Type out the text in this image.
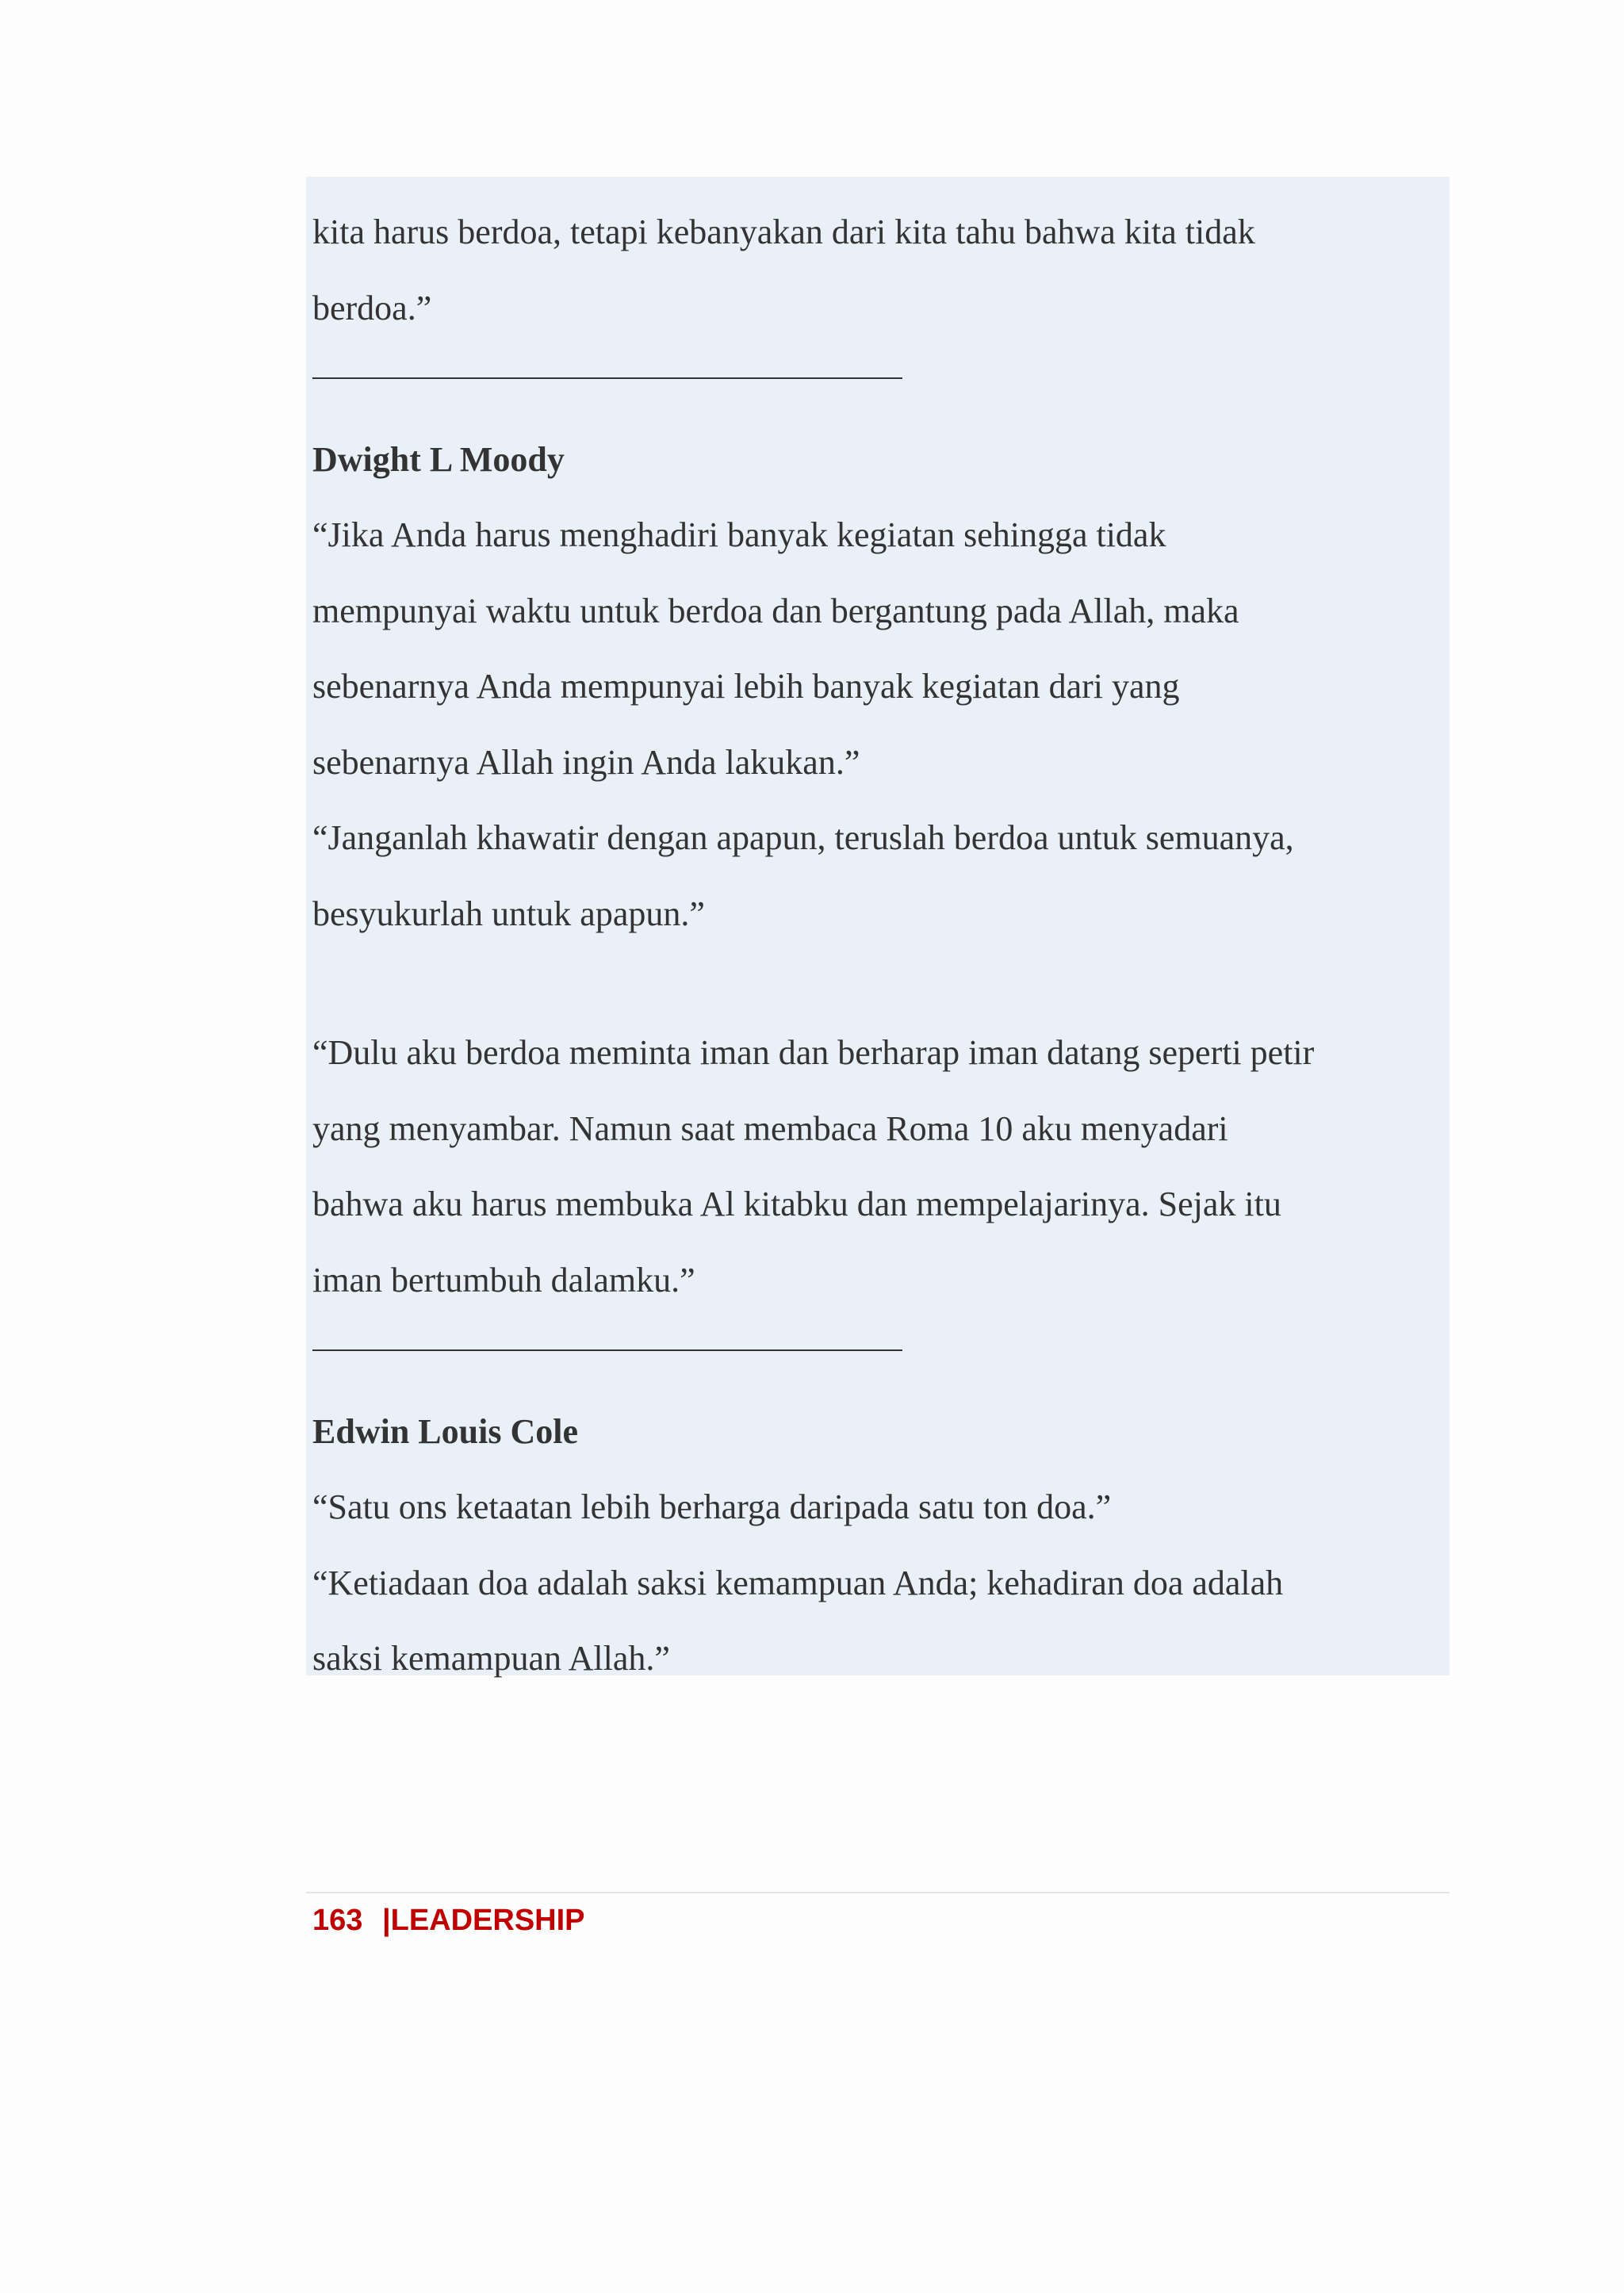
kita harus berdoa, tetapi kebanyakan dari kita tahu bahwa kita tidak
berdoa.”
Dwight L Moody
“Jika Anda harus menghadiri banyak kegiatan sehingga tidak
mempunyai waktu untuk berdoa dan bergantung pada Allah, maka
sebenarnya Anda mempunyai lebih banyak kegiatan dari yang
sebenarnya Allah ingin Anda lakukan.”
“Janganlah khawatir dengan apapun, teruslah berdoa untuk semuanya,
besyukurlah untuk apapun.”
“Dulu aku berdoa meminta iman dan berharap iman datang seperti petir
yang menyambar. Namun saat membaca Roma 10 aku menyadari
bahwa aku harus membuka Al kitabku dan mempelajarinya. Sejak itu
iman bertumbuh dalamku.”
Edwin Louis Cole
“Satu ons ketaatan lebih berharga daripada satu ton doa.”
“Ketiadaan doa adalah saksi kemampuan Anda; kehadiran doa adalah
saksi kemampuan Allah.”
163 |LEADERSHIP
